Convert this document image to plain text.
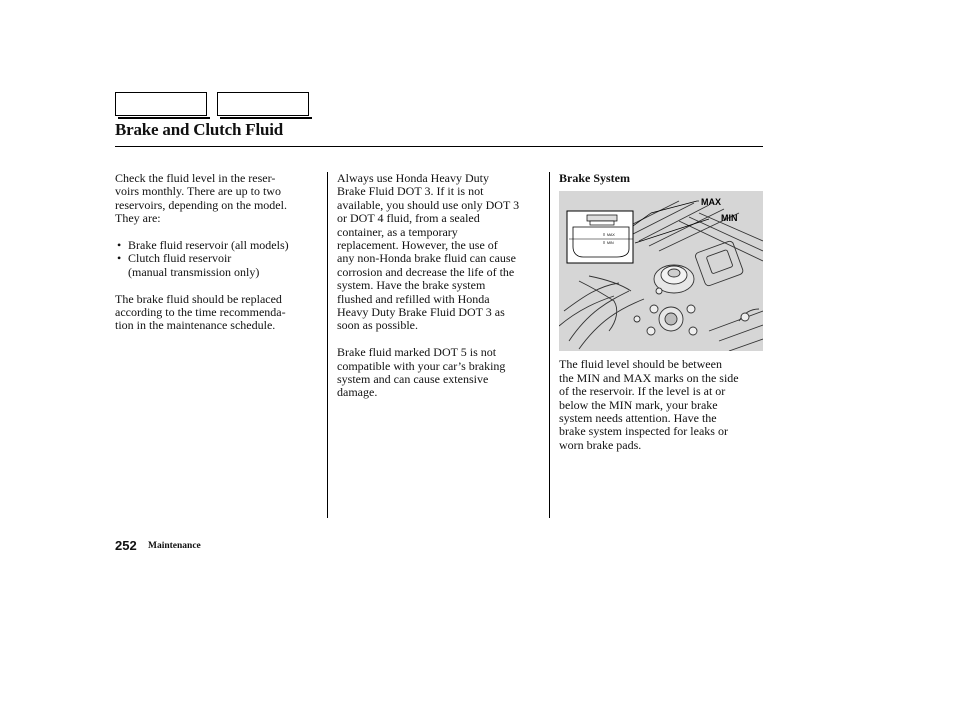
Brake and Clutch Fluid

Check the fluid level in the reser-
voirs monthly. There are up to two
reservoirs, depending on the model.
They are:

• Brake fluid reservoir (all models)
• Clutch fluid reservoir
(manual transmission only)

The brake fluid should be replaced
according to the time recommenda-
tion in the maintenance schedule.

Always use Honda Heavy Duty
Brake Fluid DOT 3. If it is not
available, you should use only DOT 3
or DOT 4 fluid, from a sealed
container, as a temporary
replacement. However, the use of
any non-Honda brake fluid can cause
corrosion and decrease the life of the
system. Have the brake system
flushed and refilled with Honda
Heavy Duty Brake Fluid DOT 3 as
soon as possible.

Brake fluid marked DOT 5 is not
compatible with your car’s braking
system and can cause extensive
damage.

Brake System
MAX
MIN
MAX
MIN

The fluid level should be between
the MIN and MAX marks on the side
of the reservoir. If the level is at or
below the MIN mark, your brake
system needs attention. Have the
brake system inspected for leaks or
worn brake pads.

252 Maintenance
